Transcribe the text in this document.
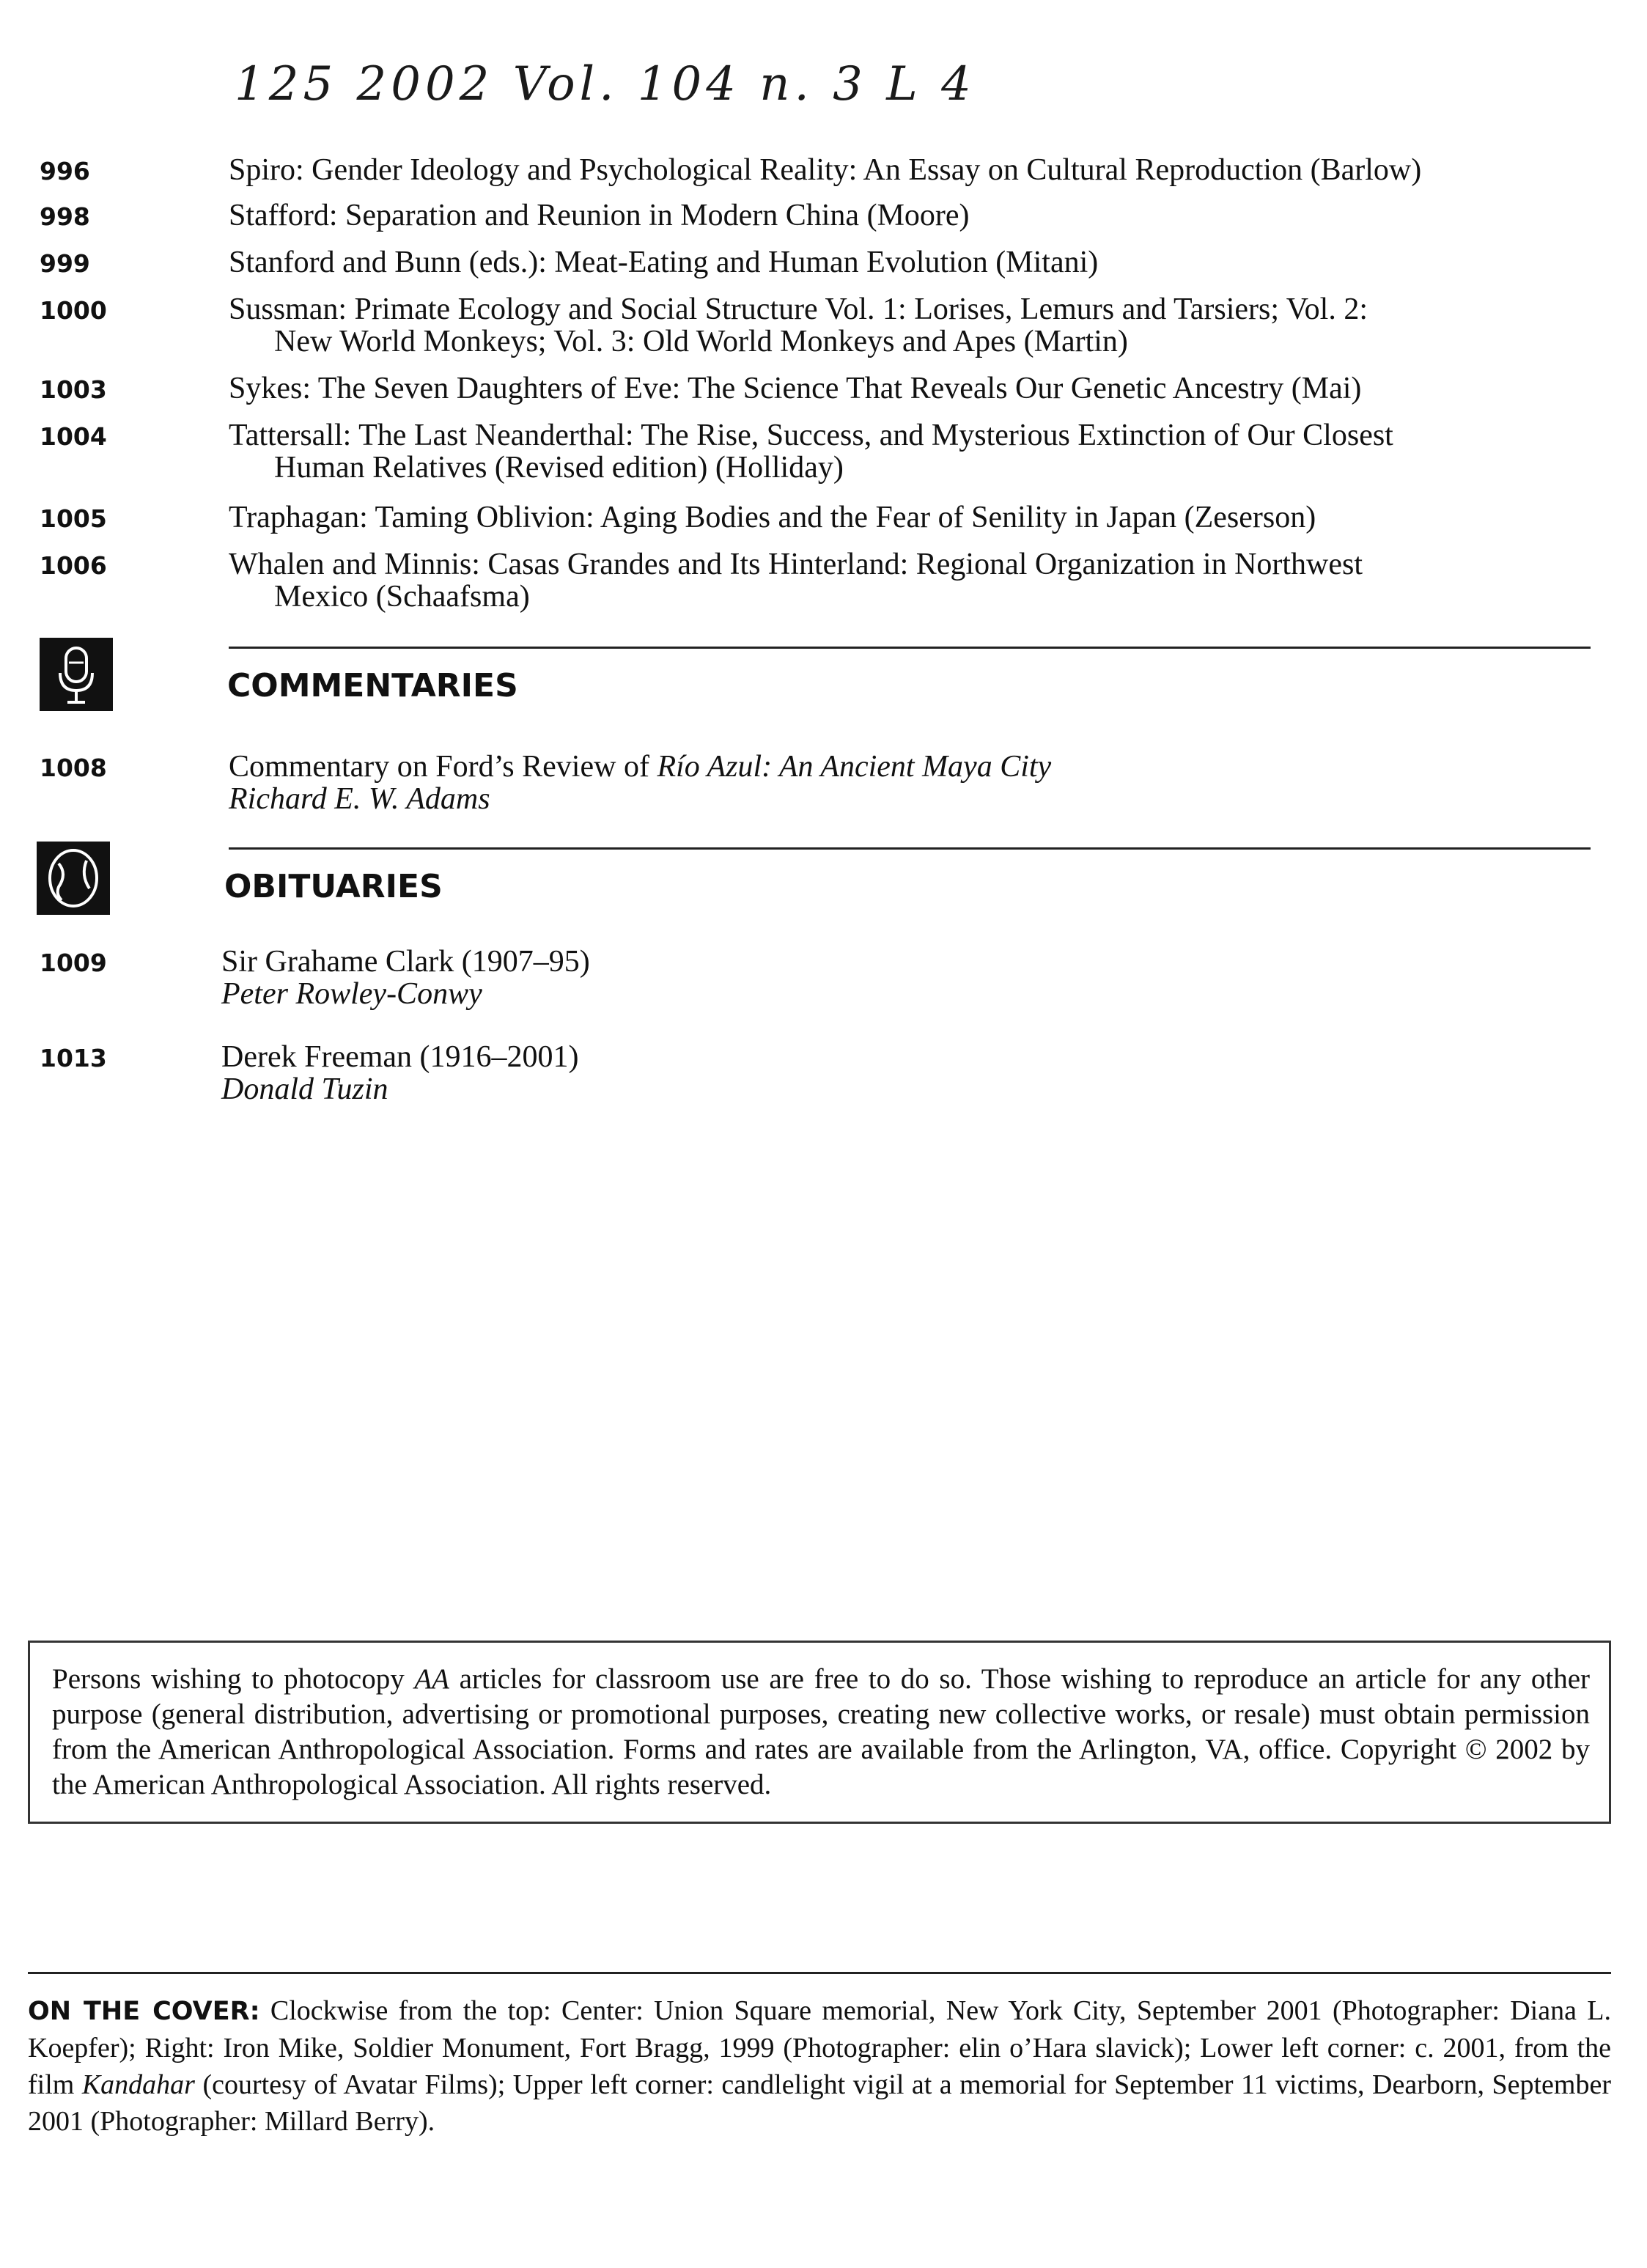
125 2002 Vol. 104 n. 3 L 4
996	Spiro: Gender Ideology and Psychological Reality: An Essay on Cultural Reproduction (Barlow)
998	Stafford: Separation and Reunion in Modern China (Moore)
999	Stanford and Bunn (eds.): Meat-Eating and Human Evolution (Mitani)
1000	Sussman: Primate Ecology and Social Structure Vol. 1: Lorises, Lemurs and Tarsiers; Vol. 2:
New World Monkeys; Vol. 3: Old World Monkeys and Apes (Martin)
1003	Sykes: The Seven Daughters of Eve: The Science That Reveals Our Genetic Ancestry (Mai)
1004	Tattersall: The Last Neanderthal: The Rise, Success, and Mysterious Extinction of Our Closest
Human Relatives (Revised edition) (Holliday)
1005	Traphagan: Taming Oblivion: Aging Bodies and the Fear of Senility in Japan (Zeserson)
1006	Whalen and Minnis: Casas Grandes and Its Hinterland: Regional Organization in Northwest
Mexico (Schaafsma)
COMMENTARIES
1008	Commentary on Ford’s Review of Río Azul: An Ancient Maya City
Richard E. W. Adams
OBITUARIES
1009	Sir Grahame Clark (1907–95)
Peter Rowley-Conwy
1013	Derek Freeman (1916–2001)
Donald Tuzin
Persons wishing to photocopy AA articles for classroom use are free to do so. Those wishing to reproduce an article for any other purpose (general distribution, advertising or promotional purposes, creating new collective works, or resale) must obtain permission from the American Anthropological Association. Forms and rates are available from the Arlington, VA, office. Copyright © 2002 by the American Anthropological Association. All rights reserved.
ON THE COVER: Clockwise from the top: Center: Union Square memorial, New York City, September 2001 (Photographer: Diana L. Koepfer); Right: Iron Mike, Soldier Monument, Fort Bragg, 1999 (Photographer: elin o’Hara slavick); Lower left corner: c. 2001, from the film Kandahar (courtesy of Avatar Films); Upper left corner: candlelight vigil at a memorial for September 11 victims, Dearborn, September 2001 (Photographer: Millard Berry).
